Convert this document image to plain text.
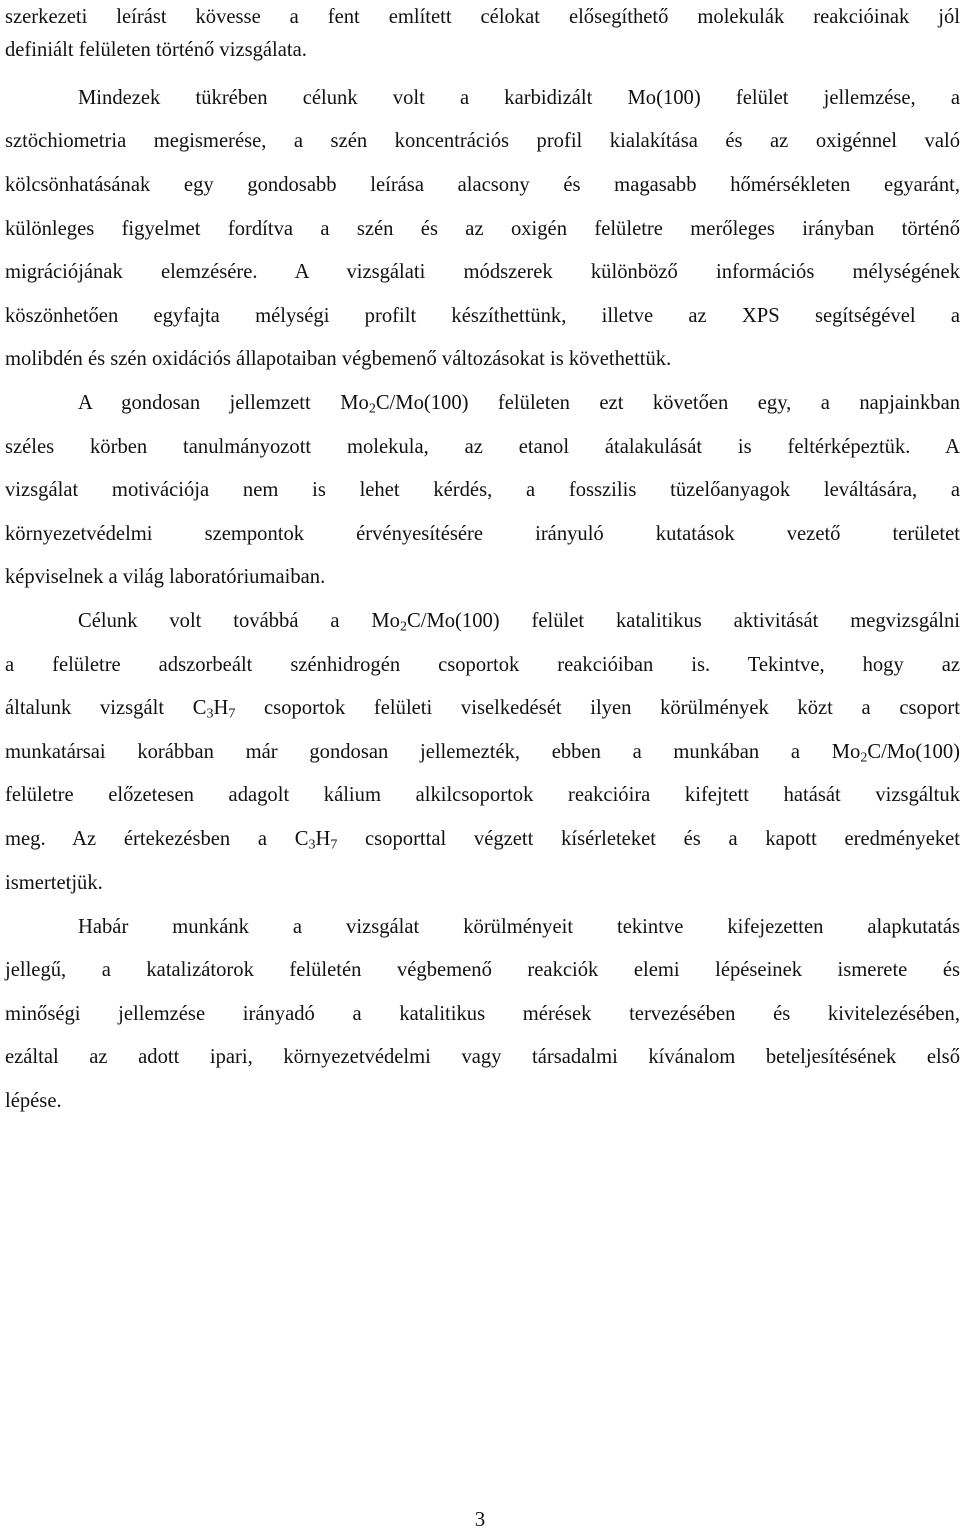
szerkezeti leírást kövesse a fent említett célokat elősegíthető molekulák reakcióinak jól
definiált felületen történő vizsgálata.
Mindezek tükrében célunk volt a karbidizált Mo(100) felület jellemzése, a
sztöchiometria megismerése, a szén koncentrációs profil kialakítása és az oxigénnel való
kölcsönhatásának egy gondosabb leírása alacsony és magasabb hőmérsékleten egyaránt,
különleges figyelmet fordítva a szén és az oxigén felületre merőleges irányban történő
migrációjának elemzésére. A vizsgálati módszerek különböző információs mélységének
köszönhetően egyfajta mélységi profilt készíthettünk, illetve az XPS segítségével a
molibdén és szén oxidációs állapotaiban végbemenő változásokat is követhettük.
A gondosan jellemzett $Mo_2C/Mo(100)$ felületen ezt követően egy, a napjainkban
széles körben tanulmányozott molekula, az etanol átalakulását is feltérképeztük. A
vizsgálat motivációja nem is lehet kérdés, a fosszilis tüzelőanyagok leváltására, a
környezetvédelmi szempontok érvényesítésére irányuló kutatások vezető területet
képviselnek a világ laboratóriumaiban.
Célunk volt továbbá a $Mo_2C/Mo(100)$ felület katalitikus aktivitását megvizsgálni
a felületre adszorbeált szénhidrogén csoportok reakcióiban is. Tekintve, hogy az
általunk vizsgált $C_3H_7$ csoportok felületi viselkedését ilyen körülmények közt a csoport
munkatársai korábban már gondosan jellemezték, ebben a munkában a $Mo_2C/Mo(100)$
felületre előzetesen adagolt kálium alkilcsoportok reakcióira kifejtett hatását vizsgáltuk
meg. Az értekezésben a $C_3H_7$ csoporttal végzett kísérleteket és a kapott eredményeket
ismertetjük.
Habár munkánk a vizsgálat körülményeit tekintve kifejezetten alapkutatás
jellegű, a katalizátorok felületén végbemenő reakciók elemi lépéseinek ismerete és
minőségi jellemzése irányadó a katalitikus mérések tervezésében és kivitelezésében,
ezáltal az adott ipari, környezetvédelmi vagy társadalmi kívánalom beteljesítésének első
lépése.
3
